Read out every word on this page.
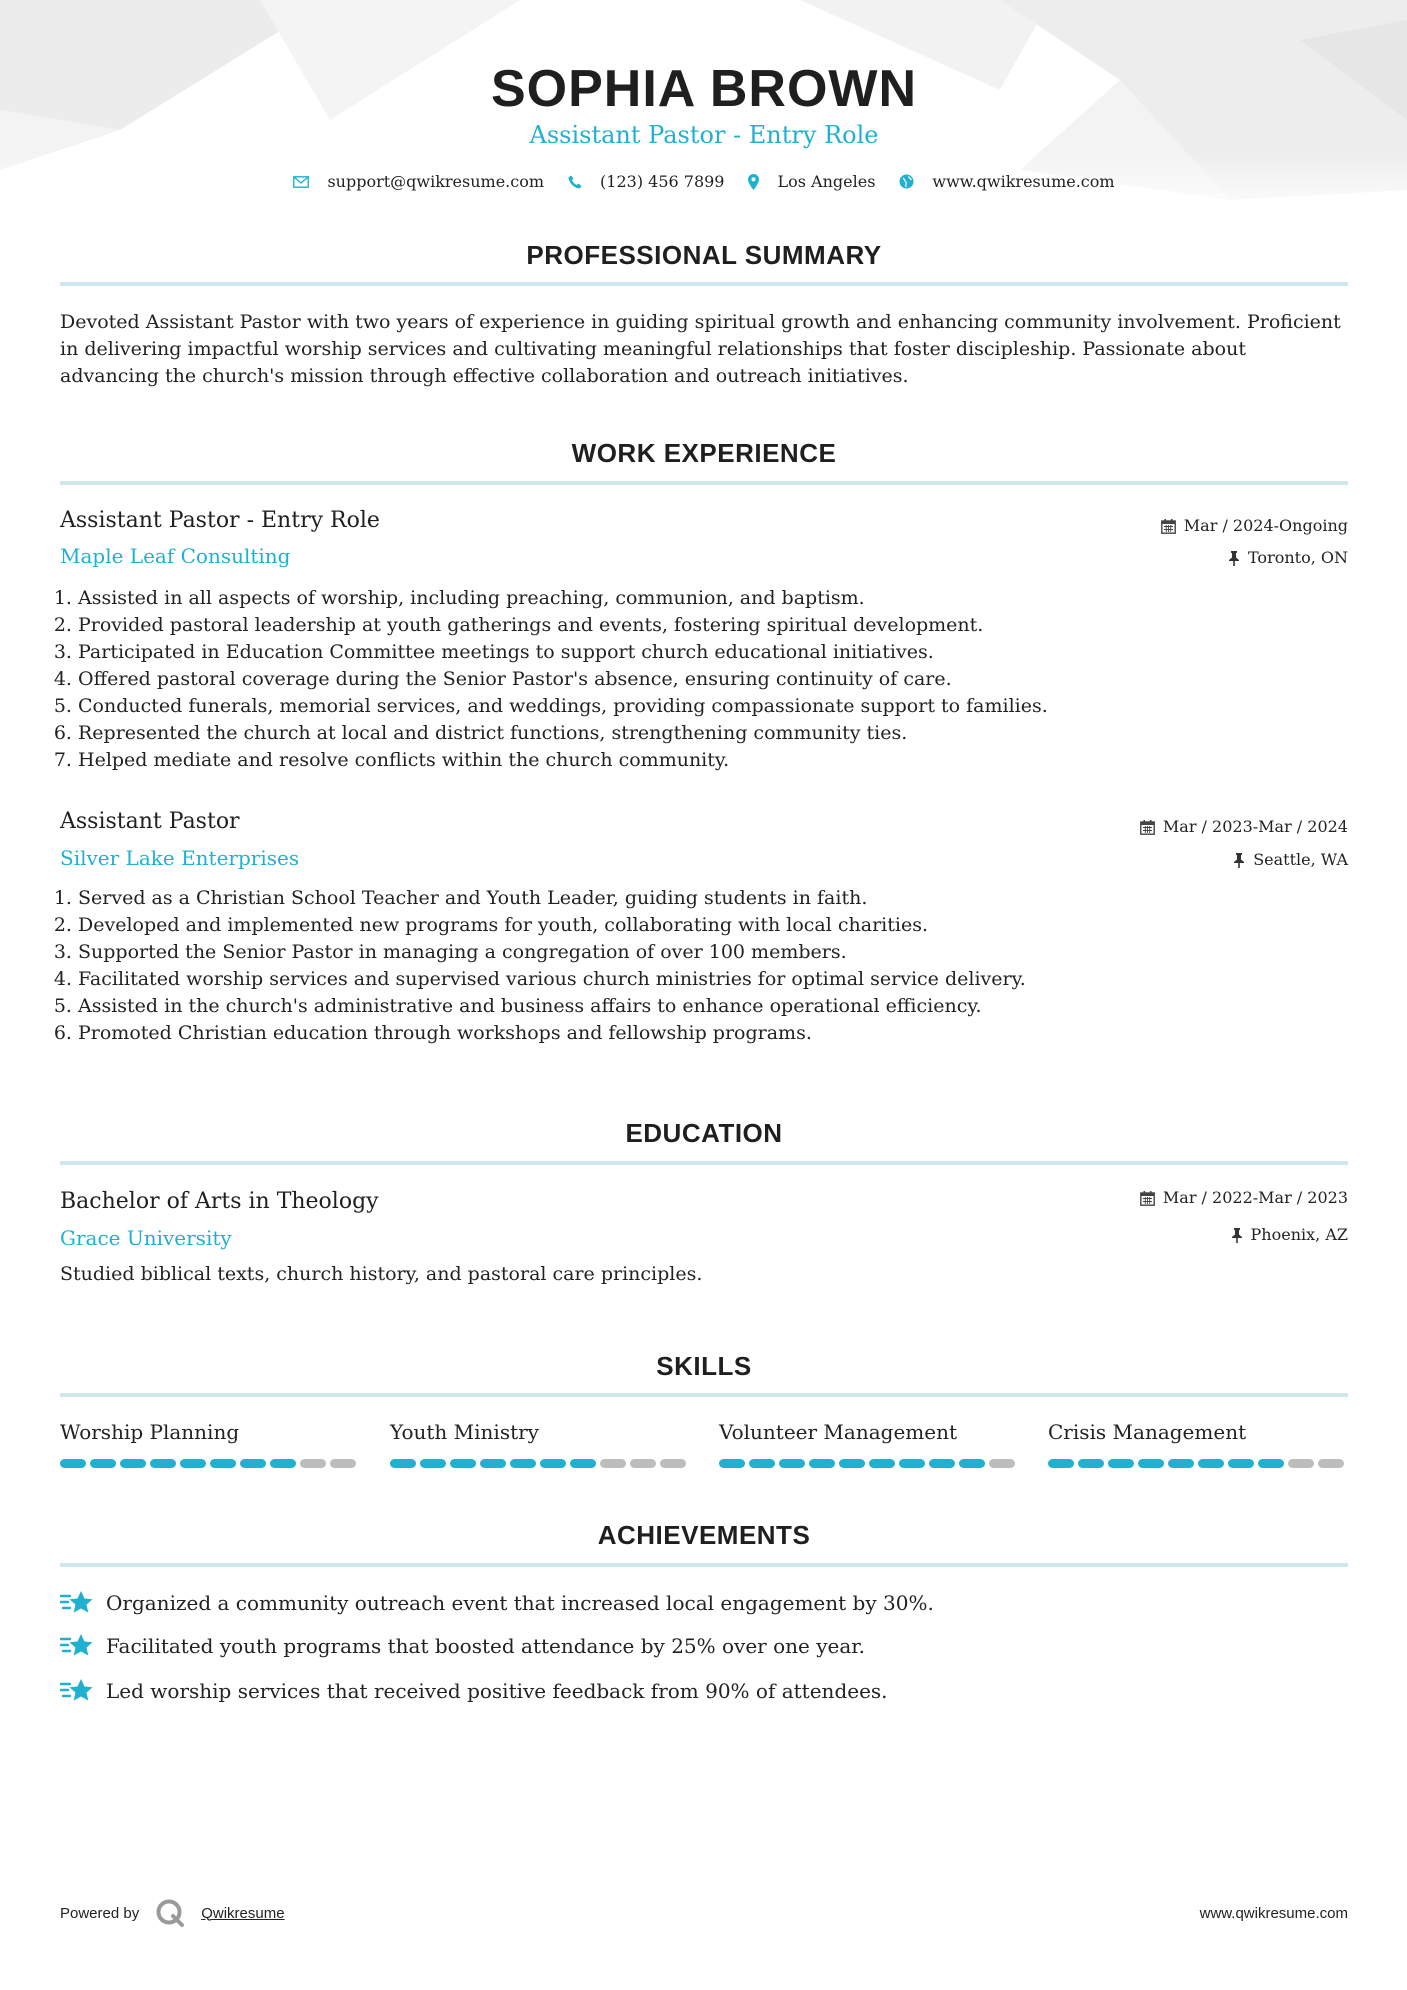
SOPHIA BROWN
Assistant Pastor - Entry Role
support@qwikresume.com	(123) 456 7899	Los Angeles	www.qwikresume.com
PROFESSIONAL SUMMARY

Devoted Assistant Pastor with two years of experience in guiding spiritual growth and enhancing community involvement. Proficient in delivering impactful worship services and cultivating meaningful relationships that foster discipleship. Passionate about advancing the church's mission through effective collaboration and outreach initiatives.

WORK EXPERIENCE
Assistant Pastor - Entry Role
Maple Leaf Consulting
Mar / 2024-Ongoing
Toronto, ON
1. Assisted in all aspects of worship, including preaching, communion, and baptism.
2. Provided pastoral leadership at youth gatherings and events, fostering spiritual development.
3. Participated in Education Committee meetings to support church educational initiatives.
4. Offered pastoral coverage during the Senior Pastor's absence, ensuring continuity of care.
5. Conducted funerals, memorial services, and weddings, providing compassionate support to families.
6. Represented the church at local and district functions, strengthening community ties.
7. Helped mediate and resolve conflicts within the church community.
Assistant Pastor
Silver Lake Enterprises
Mar / 2023-Mar / 2024
Seattle, WA
1. Served as a Christian School Teacher and Youth Leader, guiding students in faith.
2. Developed and implemented new programs for youth, collaborating with local charities.
3. Supported the Senior Pastor in managing a congregation of over 100 members.
4. Facilitated worship services and supervised various church ministries for optimal service delivery.
5. Assisted in the church's administrative and business affairs to enhance operational efficiency.
6. Promoted Christian education through workshops and fellowship programs.
EDUCATION
Bachelor of Arts in Theology
Grace University
Mar / 2022-Mar / 2023
Phoenix, AZ
Studied biblical texts, church history, and pastoral care principles.
SKILLS
Worship Planning	Youth Ministry	Volunteer Management	Crisis Management
ACHIEVEMENTS
Organized a community outreach event that increased local engagement by 30%.
Facilitated youth programs that boosted attendance by 25% over one year.
Led worship services that received positive feedback from 90% of attendees.
Powered by	Qwikresume	www.qwikresume.com
